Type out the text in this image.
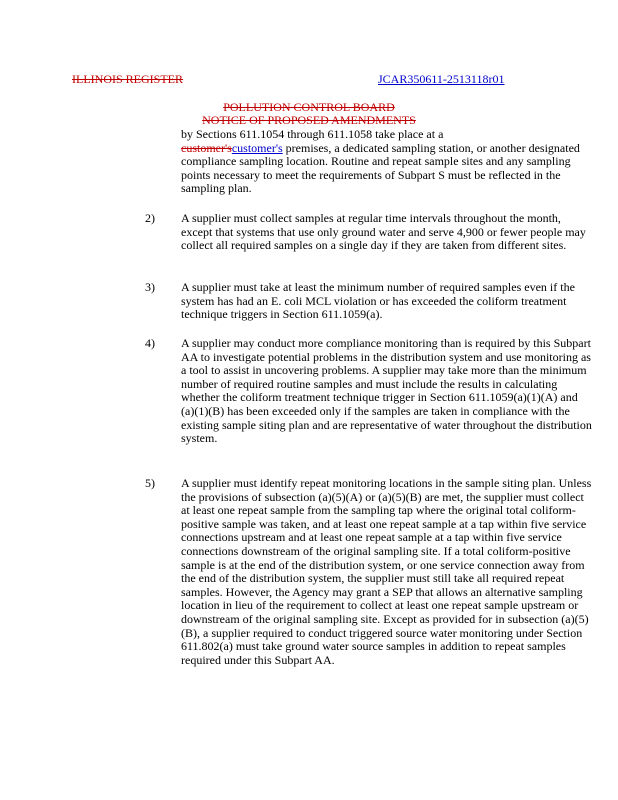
ILLINOIS REGISTER	JCAR350611-2513118r01
POLLUTION CONTROL BOARD
NOTICE OF PROPOSED AMENDMENTS
by Sections 611.1054 through 611.1058 take place at a
customer'scustomer's premises, a dedicated sampling station, or another designated compliance sampling location. Routine and repeat sample sites and any sampling points necessary to meet the requirements of Subpart S must be reflected in the sampling plan.
2)	A supplier must collect samples at regular time intervals throughout the month, except that systems that use only ground water and serve 4,900 or fewer people may collect all required samples on a single day if they are taken from different sites.
3)	A supplier must take at least the minimum number of required samples even if the system has had an E. coli MCL violation or has exceeded the coliform treatment technique triggers in Section 611.1059(a).
4)	A supplier may conduct more compliance monitoring than is required by this Subpart AA to investigate potential problems in the distribution system and use monitoring as a tool to assist in uncovering problems. A supplier may take more than the minimum number of required routine samples and must include the results in calculating whether the coliform treatment technique trigger in Section 611.1059(a)(1)(A) and (a)(1)(B) has been exceeded only if the samples are taken in compliance with the existing sample siting plan and are representative of water throughout the distribution system.
5)	A supplier must identify repeat monitoring locations in the sample siting plan. Unless the provisions of subsection (a)(5)(A) or (a)(5)(B) are met, the supplier must collect at least one repeat sample from the sampling tap where the original total coliform-positive sample was taken, and at least one repeat sample at a tap within five service connections upstream and at least one repeat sample at a tap within five service connections downstream of the original sampling site. If a total coliform-positive sample is at the end of the distribution system, or one service connection away from the end of the distribution system, the supplier must still take all required repeat samples. However, the Agency may grant a SEP that allows an alternative sampling location in lieu of the requirement to collect at least one repeat sample upstream or downstream of the original sampling site. Except as provided for in subsection (a)(5)(B), a supplier required to conduct triggered source water monitoring under Section 611.802(a) must take ground water source samples in addition to repeat samples required under this Subpart AA.
